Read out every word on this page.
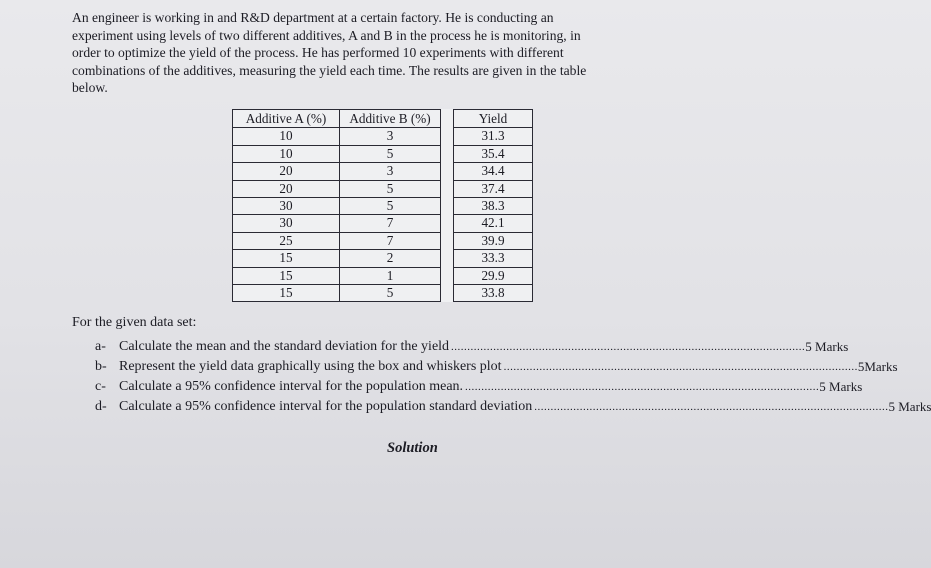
An engineer is working in and R&D department at a certain factory. He is conducting an
experiment using levels of two different additives, A and B in the process he is monitoring, in
order to optimize the yield of the process. He has performed 10 experiments with different
combinations of the additives, measuring the yield each time. The results are given in the table
below.
Additive A (%)	Additive B (%)		Yield
10	3		31.3
10	5		35.4
20	3		34.4
20	5		37.4
30	5		38.3
30	7		42.1
25	7		39.9
15	2		33.3
15	1		29.9
15	5		33.8

For the given data set:

a- Calculate the mean and the standard deviation for the yield ............................................................................................................. 5 Marks
b- Represent the yield data graphically using the box and whiskers plot ............................................................................................................. 5Marks
c- Calculate a 95% confidence interval for the population mean. ............................................................................................................. 5 Marks
d- Calculate a 95% confidence interval for the population standard deviation ............................................................................................................. 5 Marks

Solution
